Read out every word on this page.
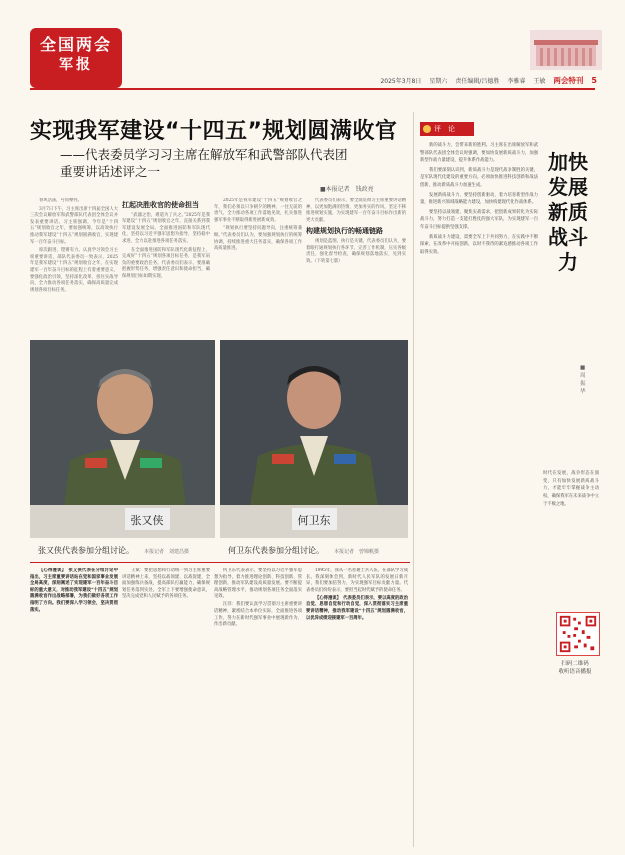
全国两会
军报
2025年3月8日 星期六 责任编辑/吕德胜 李雅睿 王敏 两会特刊 5
实现我军建设“十四五”规划圆满收官
——代表委员学习习主席在解放军和武警部队代表团
重要讲话述评之一
■本报记者　钱政亮

春风浩荡，号角嘹亮。

3月7日下午，习主席出席十四届全国人大三次会议解放军和武警部队代表团全体会议并发表重要讲话。习主席强调，今年是“十四五”规划收官之年，要加强统筹，以高效执行推动我军建设“十四五”规划圆满收官，实现建军一百年奋斗目标。

席次跟进，铿锵有力。认真学习领会习主席重要讲话，部队代表委员一致表示，2025年是我军建设“十四五”规划收官之年，在实现建军一百年奋斗目标的征程上有着重要意义，要强化政治引领，坚持深化改革、扭住实战导向，全力推动各项任务落实，确保高质量完成规划各项目标任务。

扛起决胜收官的使命担当

“武器之治，难道为了兵之。”2025年是我军建设“十四五”规划收官之年，直接关系到我军建设发展全局。全面推进国防和军队现代化，坚持以习近平强军思想为指导，坚持稳中求进，全力以赴推进各项任务落实。

在全面推进国防和军队现代化新征程上，完成好“十四五”规划各项目标任务，是我军肩负的重要政治任务。代表委员们表示，要准确把握形势任务，增强责任意识和使命担当，确保规划目标如期实现。

2025年是我军建设“十四五”规划收官之年，我们必须以只争朝夕的精神、一往无前的勇气，全力推动各项工作落地见效，扎实推进强军事业不断取得新进展新成效。

“规划执行要坚持问题导向，注重统筹兼顾。”代表委员们认为，要加强规划执行的统筹协调，持续推进重大任务落实，确保各项工作高质量推进。

代表委员们表示，要全面贯彻习主席重要讲话精神，以更加饱满的热情、更加务实的作风，坚定不移推进规划实施，为实现建军一百年奋斗目标作出新的更大贡献。

构建规划执行的畅通链路

规划是蓝图，执行是关键。代表委员们认为，要着眼打通规划执行各环节，完善工作机制，压实各级责任，强化督导检查，确保规划落地落实、见到实效。（下转第七版）

张又侠	何卫东
张又侠代表参加分组讨论。 本报记者　刘建昌摄	何卫东代表参加分组讨论。 本报记者　曾锦帆摄

【心得漫谈】　张又侠代表在分组讨论中指出，习主席重要讲话站在党和国家事业发展全局高度，深刻阐述了实现建军一百年奋斗目标的重大意义，对推动我军建设“十四五”规划圆满收官作出战略部署，为我们做好各项工作指明了方向。我们要深入学习领会，坚决贯彻落实。

王斌：要把思想和行动统一到习主席重要讲话精神上来，坚持以战领建、以战促建，全面加强练兵备战，提高部队打赢能力，确保规划任务落到实处。全军上下要增强使命意识，坚决完成党和人民赋予的各项任务。

何卫东代表表示，要坚持以习近平强军思想为指导，着力推进理论创新、科技创新、管理创新，推动军队建设高质量发展。要不断提高战略管理水平，推动规划各项任务全面落实见效。

汪洋：我们要认真学习贯彻习主席重要讲话精神，紧密结合本单位实际，全面推进各项工作，努力在新时代强军事业中展现新作为、作出新贡献。

1995年，我从一名普通士兵入伍，在部队学习成长。我深刻体会到，新时代人民军队的发展日新月异，我们要加倍努力，为实现强军目标贡献力量。代表委员们纷纷表示，要担当起时代赋予的使命任务。

【心得漫谈】　代表委员们表示，要以高度的政治自觉、思想自觉和行动自觉，深入贯彻落实习主席重要讲话精神，推动我军建设“十四五”规划圆满收官，以优异成绩迎接建军一百周年。

评　论

新的战斗力，会带来新的胜利。习主席在出席解放军和武警部队代表团全体会议时强调，要加快发展新质战斗力，加强新型作战力量建设，提升体系作战能力。

我们要深刻认识到，新质战斗力是现代战争制胜的关键，是军队现代化建设的重要方向。必须加快推进科技创新和战法创新，推动新质战斗力加速生成。

发展新质战斗力，要坚持创新驱动，着力培育新型作战力量，推进新兴领域战略能力建设，加快构建现代化作战体系。

要坚持以战领建，聚焦实战需求，把创新成果转化为实际战斗力，努力打造一支能打胜仗的强大军队，为实现建军一百年奋斗目标提供坚强支撑。

新质战斗力建设，需要全军上下共同努力，在实践中不断探索，在改革中开拓创新，以时不我待的紧迫感推动各项工作取得实效。

加快发展新质战斗力
■周振华

时代在发展，战争形态在演变，只有加快发展新质战斗力，才能牢牢掌握战争主动权，确保我军在未来战争中立于不败之地。

扫码二维码
收听语音播报
